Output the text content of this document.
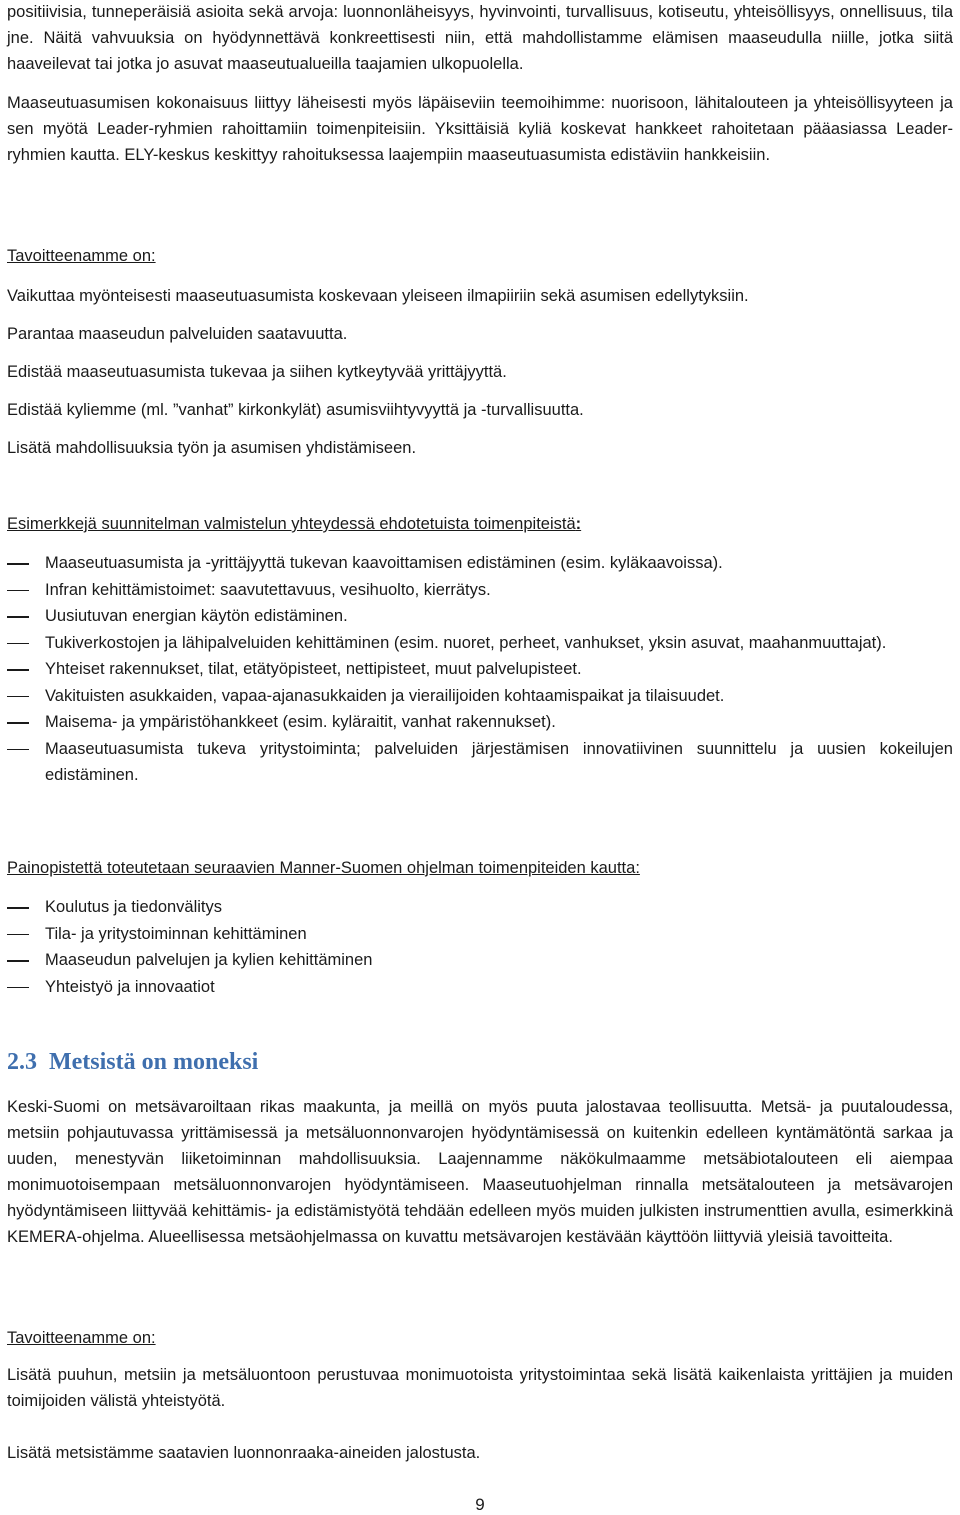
positiivisia, tunneperäisiä asioita sekä arvoja: luonnonläheisyys, hyvinvointi, turvallisuus, kotiseutu, yhteisöllisyys, onnellisuus, tila jne. Näitä vahvuuksia on hyödynnettävä konkreettisesti niin, että mahdollistamme elämisen maaseudulla niille, jotka siitä haaveilevat tai jotka jo asuvat maaseutualueilla taajamien ulkopuolella.

Maaseutuasumisen kokonaisuus liittyy läheisesti myös läpäiseviin teemoihimme: nuorisoon, lähitalouteen ja yhteisöllisyyteen ja sen myötä Leader-ryhmien rahoittamiin toimenpiteisiin. Yksittäisiä kyliä koskevat hankkeet rahoitetaan pääasiassa Leader-ryhmien kautta. ELY-keskus keskittyy rahoituksessa laajempiin maaseutuasumista edistäviin hankkeisiin.

Tavoitteenamme on:

Vaikuttaa myönteisesti maaseutuasumista koskevaan yleiseen ilmapiiriin sekä asumisen edellytyksiin.

Parantaa maaseudun palveluiden saatavuutta.

Edistää maaseutuasumista tukevaa ja siihen kytkeytyvää yrittäjyyttä.

Edistää kyliemme (ml. ”vanhat” kirkonkylät) asumisviihtyvyyttä ja -turvallisuutta.

Lisätä mahdollisuuksia työn ja asumisen yhdistämiseen.

Esimerkkejä suunnitelman valmistelun yhteydessä ehdotetuista toimenpiteistä:

Maaseutuasumista ja -yrittäjyyttä tukevan kaavoittamisen edistäminen (esim. kyläkaavoissa).
Infran kehittämistoimet: saavutettavuus, vesihuolto, kierrätys.
Uusiutuvan energian käytön edistäminen.
Tukiverkostojen ja lähipalveluiden kehittäminen (esim. nuoret, perheet, vanhukset, yksin asuvat, maahanmuuttajat).
Yhteiset rakennukset, tilat, etätyöpisteet, nettipisteet, muut palvelupisteet.
Vakituisten asukkaiden, vapaa-ajanasukkaiden ja vierailijoiden kohtaamispaikat ja tilaisuudet.
Maisema- ja ympäristöhankkeet (esim. kyläraitit, vanhat rakennukset).
Maaseutuasumista tukeva yritystoiminta; palveluiden järjestämisen innovatiivinen suunnittelu ja uusien kokeilujen edistäminen.

Painopistettä toteutetaan seuraavien Manner-Suomen ohjelman toimenpiteiden kautta:

Koulutus ja tiedonvälitys
Tila- ja yritystoiminnan kehittäminen
Maaseudun palvelujen ja kylien kehittäminen
Yhteistyö ja innovaatiot
2.3 Metsistä on moneksi

Keski-Suomi on metsävaroiltaan rikas maakunta, ja meillä on myös puuta jalostavaa teollisuutta. Metsä- ja puutaloudessa, metsiin pohjautuvassa yrittämisessä ja metsäluonnonvarojen hyödyntämisessä on kuitenkin edelleen kyntämätöntä sarkaa ja uuden, menestyvän liiketoiminnan mahdollisuuksia. Laajennamme näkökulmaamme metsäbiotalouteen eli aiempaa monimuotoisempaan metsäluonnonvarojen hyödyntämiseen. Maaseutuohjelman rinnalla metsätalouteen ja metsävarojen hyödyntämiseen liittyvää kehittämis- ja edistämistyötä tehdään edelleen myös muiden julkisten instrumenttien avulla, esimerkkinä KEMERA-ohjelma. Alueellisessa metsäohjelmassa on kuvattu metsävarojen kestävään käyttöön liittyviä yleisiä tavoitteita.

Tavoitteenamme on:

Lisätä puuhun, metsiin ja metsäluontoon perustuvaa monimuotoista yritystoimintaa sekä lisätä kaikenlaista yrittäjien ja muiden toimijoiden välistä yhteistyötä.

Lisätä metsistämme saatavien luonnonraaka-aineiden jalostusta.

9
